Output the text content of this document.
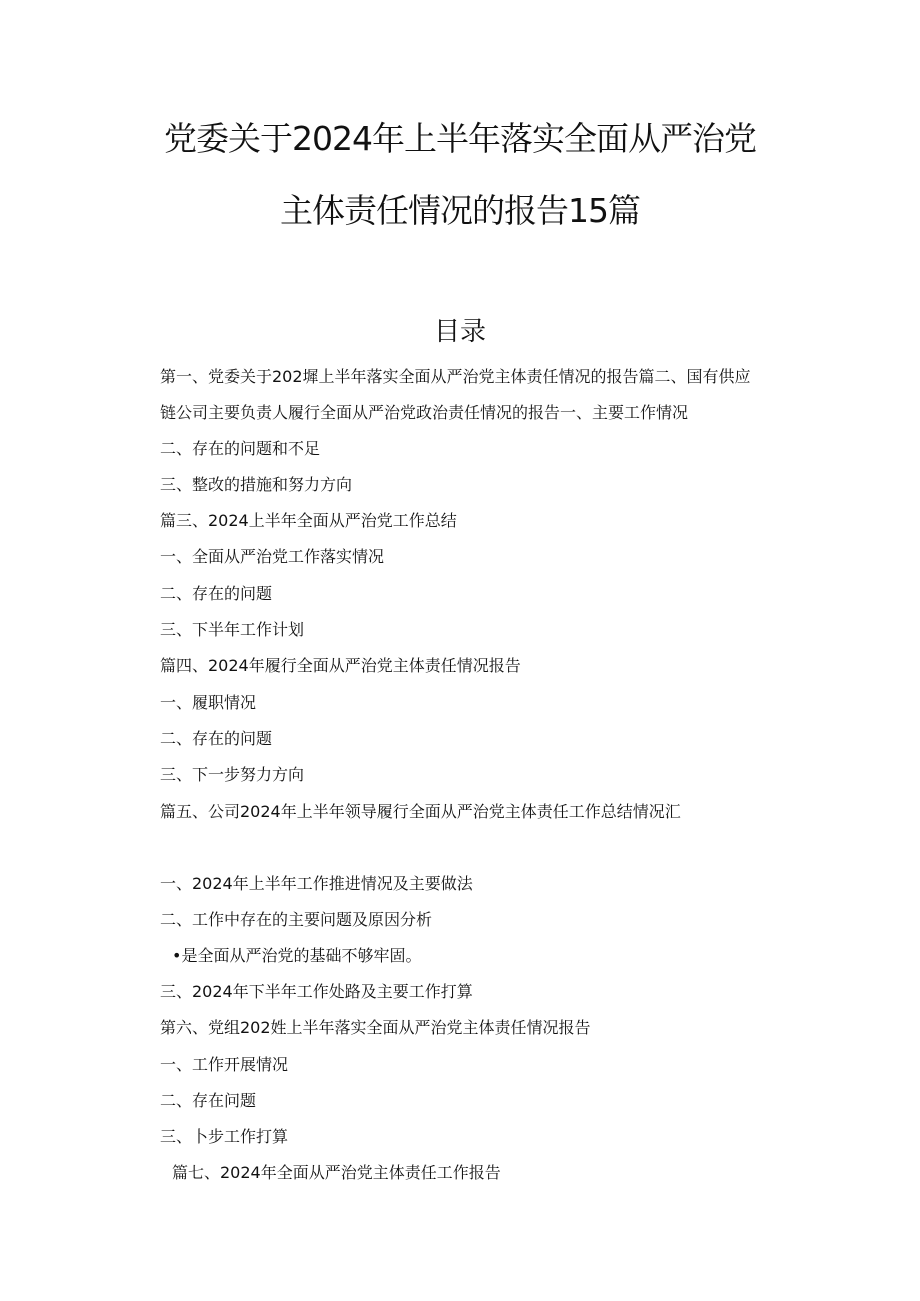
党委关于2024年上半年落实全面从严治党
主体责任情况的报告15篇
目录
第一、党委关于202墀上半年落实全面从严治党主体责任情况的报告篇二、国有供应
链公司主要负责人履行全面从严治党政治责任情况的报告一、主要工作情况
二、存在的问题和不足
三、整改的措施和努力方向
篇三、2024上半年全面从严治党工作总结
一、全面从严治党工作落实情况
二、存在的问题
三、下半年工作计划
篇四、2024年履行全面从严治党主体责任情况报告
一、履职情况
二、存在的问题
三、下一步努力方向
篇五、公司2024年上半年领导履行全面从严治党主体责任工作总结情况汇
一、2024年上半年工作推进情况及主要做法
二、工作中存在的主要问题及原因分析
•是全面从严治党的基础不够牢固。
三、2024年下半年工作处路及主要工作打算
第六、党组202姓上半年落实全面从严治党主体责任情况报告
一、工作开展情况
二、存在问题
三、卜步工作打算
篇七、2024年全面从严治党主体责任工作报告
